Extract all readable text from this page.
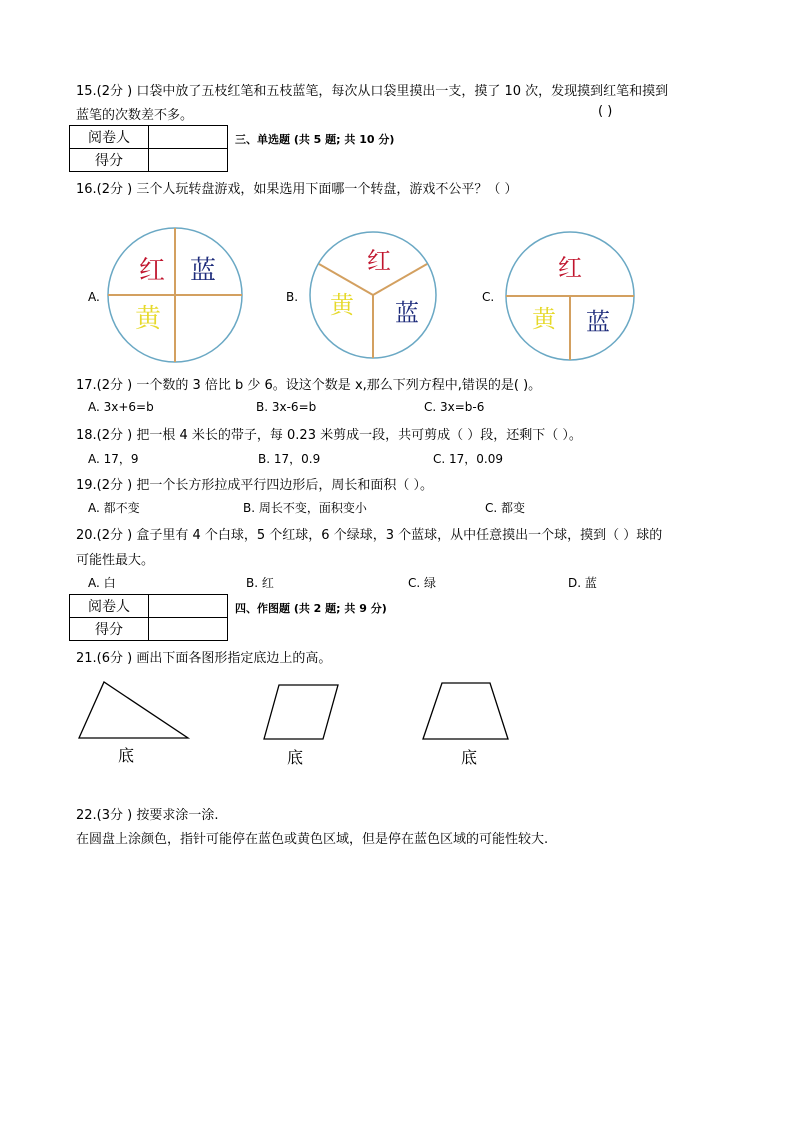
15.(2分 ) 口袋中放了五枝红笔和五枝蓝笔，每次从口袋里摸出一支，摸了 10 次，发现摸到红笔和摸到
蓝笔的次数差不多。	( )
阅卷人	
得分	
三、单选题 (共 5 题; 共 10 分)
16.(2分 ) 三个人玩转盘游戏，如果选用下面哪一个转盘，游戏不公平？（ ）
A.	B.	C.
红 蓝
黄
红
黄 蓝
红
黄 蓝
17.(2分 ) 一个数的 3 倍比 b 少 6。设这个数是 x,那么下列方程中,错误的是( )。
A. 3x+6=b	B. 3x-6=b	C. 3x=b-6
18.(2分 ) 把一根 4 米长的带子，每 0.23 米剪成一段，共可剪成（ ）段，还剩下（ ）。
A. 17，9	B. 17，0.9	C. 17，0.09
19.(2分 ) 把一个长方形拉成平行四边形后，周长和面积（ ）。
A. 都不变	B. 周长不变，面积变小	C. 都变
20.(2分 ) 盒子里有 4 个白球，5 个红球，6 个绿球，3 个蓝球，从中任意摸出一个球，摸到（ ）球的
可能性最大。
A. 白	B. 红	C. 绿	D. 蓝
阅卷人	
得分	
四、作图题 (共 2 题; 共 9 分)
21.(6分 ) 画出下面各图形指定底边上的高。
底	底	底
22.(3分 ) 按要求涂一涂.
在圆盘上涂颜色，指针可能停在蓝色或黄色区域，但是停在蓝色区域的可能性较大.
